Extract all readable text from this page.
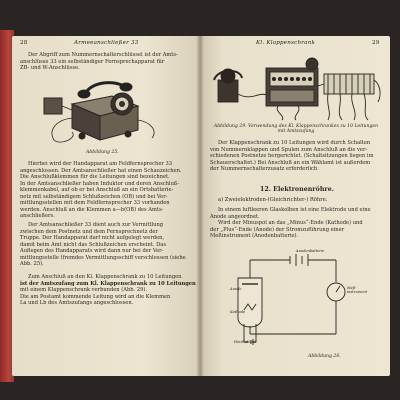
28	Armeeanschließer 33
Der Abgriff zum Nummernschalterschlüssel ist der Amts-
anschlüsse 33 ein selbständiger Fernsprechapparat für
ZB- und W-Anschlüsse.
Abbildung 25.
Hierbei wird der Handapparat am Feldfernsprecher 33
angeschlossen. Der Amtsanschließer hat einen Schauzeichen.
Die Anschlußklemmen für die Leitungen sind bezeichnet.
In der Amtsanschließer haben Induktor und deren Anschluß-
klemmenkabel, auf ob er bei Anschluß an ein Ortsbatterie-
netz mit selbständigem Schlußzeichen (OB) und bei Ver-
mittlungsstellen mit dem Feldfernsprecher 33 vorhanden
werden. Anschluß an die Klemmen a—b(OB) des Amts-
anschließers.
Der Amtsanschließer 33 dient auch zur Vermittlung
zwischen dem Postnetz und dem Fernsprechnetz der
Truppe. Der Handapparat darf nicht aufgelegt werden,
damit beim Amt nicht das Schlußzeichen erscheint. Das
Auflegen des Handapparats wird dann nur bei der Ver-
mittlungsstelle (fremdes Vermittlungsschiff verschlossen (siehe
Abb. 25).
Zum Anschluß an den Kl. Klappenschrank zu 10 Leitungen
ist der Amtszufang zum Kl. Klappenschrank zu 10 Leitungen
mit einem Klappenschrank verbunden (Abb. 29).
Die am Postamt kommende Leitung wird an die Klemmen
La und Lb des Amtszufangs angeschlossen.
Kl. Klappenschrank	29
Abbildung 29. Verwendung des Kl. Klappenschrankes zu 10 Leitungen
mit Amtszufang
Der Klappenschrank zu 10 Leitungen wird durch Schalten
von Nummernklappen und Spulen zum Anschluß an die ver-
schiedenen Postnetze hergerichtet. (Schaltsitzungen liegen im
Schauerschaltet.) Bei Anschluß an ein Wählamt ist außerdem
der Nummernschalterzusatz erforderlich.
12. Elektronenröhre.
a) Zweielektroden-(Gleichrichter-) Röhre.
In einem luftleeren Glaskolben ist eine Elektrode und eine
Anode angeordnet.
Wird der Minuspol an das „Minus“-Ende (Kathode) und
der „Plus“-Ende (Anode) der Stromzuführung einer
Meßinstrument (Anodenbatterie).
Anodenbatterie
Anode
Kathode
Meß-
instrument
Heizbatterie
Abbildung 26.
